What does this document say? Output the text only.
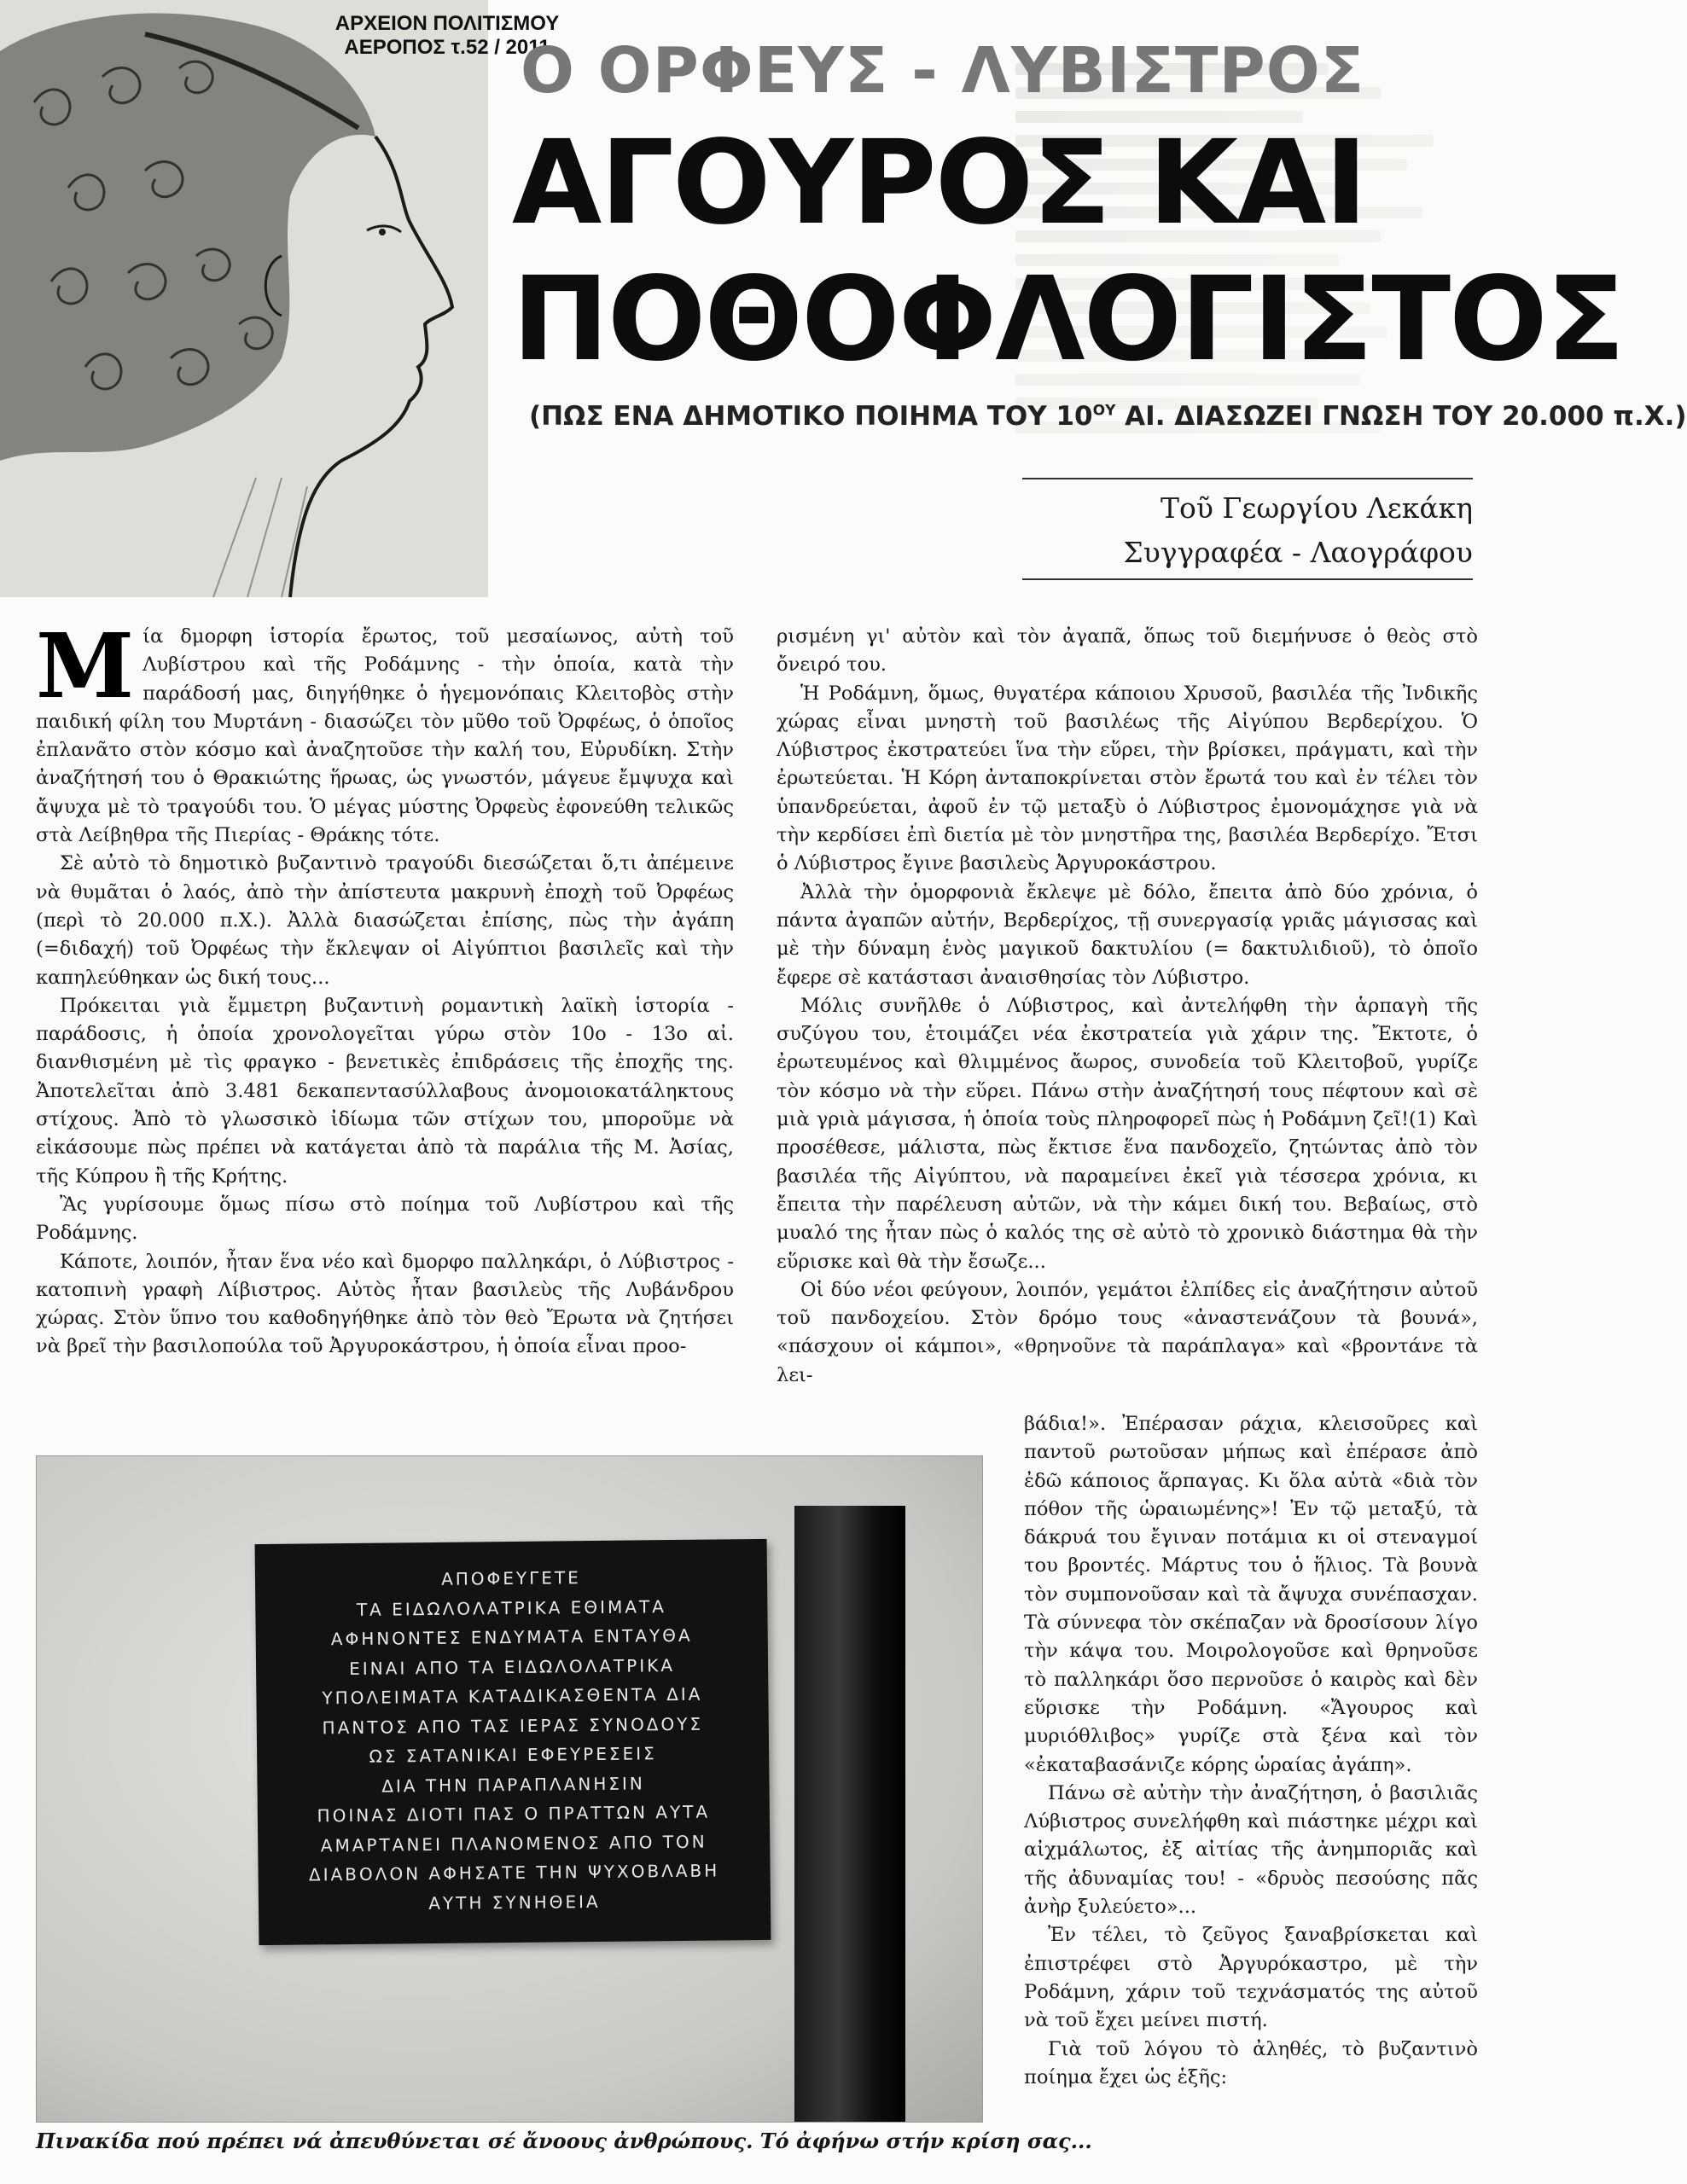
ΑΡΧΕΙΟΝ ΠΟΛΙΤΙΣΜΟΥ
ΑΕΡΟΠΟΣ τ.52 / 2011
Ο ΟΡΦΕΥΣ - ΛΥΒΙΣΤΡΟΣ
ΑΓΟΥΡΟΣ ΚΑΙ
ΠΟΘΟΦΛΟΓΙΣΤΟΣ
(ΠΩΣ ΕΝΑ ΔΗΜΟΤΙΚΟ ΠΟΙΗΜΑ ΤΟΥ $10^{O\Upsilon}$ ΑΙ. ΔΙΑΣΩΖΕΙ ΓΝΩΣΗ ΤΟΥ 20.000 π.Χ.)
Τοῦ Γεωργίου Λεκάκη
Συγγραφέα - Λαογράφου

Μία δμορφη ἱστορία ἔρωτος, τοῦ μεσαίωνος, αὐτὴ τοῦ Λυβίστρου καὶ τῆς Ροδάμνης - τὴν ὁποία, κατὰ τὴν παράδοσή μας, διηγήθηκε ὁ ἡγεμονόπαις Κλειτοβὸς στὴν παιδική φίλη του Μυρτάνη - διασώζει τὸν μῦθο τοῦ Ὀρφέως, ὁ ὁποῖος ἐπλανᾶτο στὸν κόσμο καὶ ἀναζητοῦσε τὴν καλή του, Εὐρυδίκη. Στὴν ἀναζήτησή του ὁ Θρακιώτης ἥρωας, ὡς γνωστόν, μάγευε ἔμψυχα καὶ ἄψυχα μὲ τὸ τραγούδι του. Ὁ μέγας μύστης Ὀρφεὺς ἐφονεύθη τελικῶς στὰ Λείβηθρα τῆς Πιερίας - Θράκης τότε.

Σὲ αὐτὸ τὸ δημοτικὸ βυζαντινὸ τραγούδι διεσώζεται ὅ,τι ἀπέμεινε νὰ θυμᾶται ὁ λαός, ἀπὸ τὴν ἀπίστευτα μακρυνὴ ἐποχὴ τοῦ Ὀρφέως (περὶ τὸ 20.000 π.Χ.). Ἀλλὰ διασώζεται ἐπίσης, πὼς τὴν ἀγάπη (=διδαχή) τοῦ Ὀρφέως τὴν ἔκλεψαν οἱ Αἰγύπτιοι βασιλεῖς καὶ τὴν καπηλεύθηκαν ὡς δική τους...

Πρόκειται γιὰ ἔμμετρη βυζαντινὴ ρομαντικὴ λαϊκὴ ἱστορία - παράδοσις, ἡ ὁποία χρονολογεῖται γύρω στὸν 10ο - 13ο αἰ. διανθισμένη μὲ τὶς φραγκο - βενετικὲς ἐπιδράσεις τῆς ἐποχῆς της. Ἀποτελεῖται ἀπὸ 3.481 δεκαπεντασύλλαβους ἀνομοιοκατάληκτους στίχους. Ἀπὸ τὸ γλωσσικὸ ἰδίωμα τῶν στίχων του, μποροῦμε νὰ εἰκάσουμε πὼς πρέπει νὰ κατάγεται ἀπὸ τὰ παράλια τῆς Μ. Ἀσίας, τῆς Κύπρου ἢ τῆς Κρήτης.

Ἂς γυρίσουμε ὅμως πίσω στὸ ποίημα τοῦ Λυβίστρου καὶ τῆς Ροδάμνης.

Κάποτε, λοιπόν, ἦταν ἕνα νέο καὶ δμορφο παλληκάρι, ὁ Λύβιστρος - κατοπινὴ γραφὴ Λίβιστρος. Αὐτὸς ἦταν βασιλεὺς τῆς Λυβάνδρου χώρας. Στὸν ὕπνο του καθοδηγήθηκε ἀπὸ τὸν θεὸ Ἔρωτα νὰ ζητήσει νὰ βρεῖ τὴν βασιλοπούλα τοῦ Ἀργυροκάστρου, ἡ ὁποία εἶναι προο-

ρισμένη γι' αὐτὸν καὶ τὸν ἀγαπᾶ, ὅπως τοῦ διεμήνυσε ὁ θεὸς στὸ ὄνειρό του.

Ἡ Ροδάμνη, ὅμως, θυγατέρα κάποιου Χρυσοῦ, βασιλέα τῆς Ἰνδικῆς χώρας εἶναι μνηστὴ τοῦ βασιλέως τῆς Αἰγύπου Βερδερίχου. Ὁ Λύβιστρος ἐκστρατεύει ἵνα τὴν εὕρει, τὴν βρίσκει, πράγματι, καὶ τὴν ἐρωτεύεται. Ἡ Κόρη ἀνταποκρίνεται στὸν ἔρωτά του καὶ ἐν τέλει τὸν ὑπανδρεύεται, ἀφοῦ ἐν τῷ μεταξὺ ὁ Λύβιστρος ἐμονομάχησε γιὰ νὰ τὴν κερδίσει ἐπὶ διετία μὲ τὸν μνηστῆρα της, βασιλέα Βερδερίχο. Ἔτσι ὁ Λύβιστρος ἔγινε βασιλεὺς Ἀργυροκάστρου.

Ἀλλὰ τὴν ὁμορφονιὰ ἔκλεψε μὲ δόλο, ἔπειτα ἀπὸ δύο χρόνια, ὁ πάντα ἀγαπῶν αὐτήν, Βερδερίχος, τῇ συνεργασίᾳ γριᾶς μάγισσας καὶ μὲ τὴν δύναμη ἑνὸς μαγικοῦ δακτυλίου (= δακτυλιδιοῦ), τὸ ὁποῖο ἔφερε σὲ κατάστασι ἀναισθησίας τὸν Λύβιστρο.

Μόλις συνῆλθε ὁ Λύβιστρος, καὶ ἀντελήφθη τὴν ἁρπαγὴ τῆς συζύγου του, ἑτοιμάζει νέα ἐκστρατεία γιὰ χάριν της. Ἔκτοτε, ὁ ἐρωτευμένος καὶ θλιμμένος ἄωρος, συνοδεία τοῦ Κλειτοβοῦ, γυρίζε τὸν κόσμο νὰ τὴν εὕρει. Πάνω στὴν ἀναζήτησή τους πέφτουν καὶ σὲ μιὰ γριὰ μάγισσα, ἡ ὁποία τοὺς πληροφορεῖ πὼς ἡ Ροδάμνη ζεῖ!(1) Καὶ προσέθεσε, μάλιστα, πὼς ἔκτισε ἕνα πανδοχεῖο, ζητώντας ἀπὸ τὸν βασιλέα τῆς Αἰγύπτου, νὰ παραμείνει ἐκεῖ γιὰ τέσσερα χρόνια, κι ἔπειτα τὴν παρέλευση αὐτῶν, νὰ τὴν κάμει δική του. Βεβαίως, στὸ μυαλό της ἦταν πὼς ὁ καλός της σὲ αὐτὸ τὸ χρονικὸ διάστημα θὰ τὴν εὕρισκε καὶ θὰ τὴν ἔσωζε...

Οἱ δύο νέοι φεύγουν, λοιπόν, γεμάτοι ἐλπίδες εἰς ἀναζήτησιν αὐτοῦ τοῦ πανδοχείου. Στὸν δρόμο τους «ἀναστενάζουν τὰ βουνά», «πάσχουν οἱ κάμποι», «θρηνοῦνε τὰ παράπλαγα» καὶ «βροντάνε τὰ λει-

βάδια!». Ἐπέρασαν ράχια, κλεισοῦρες καὶ παντοῦ ρωτοῦσαν μήπως καὶ ἐπέρασε ἀπὸ ἐδῶ κάποιος ἅρπαγας. Κι ὅλα αὐτὰ «διὰ τὸν πόθον τῆς ὡραιωμένης»! Ἐν τῷ μεταξύ, τὰ δάκρυά του ἔγιναν ποτάμια κι οἱ στεναγμοί του βροντές. Μάρτυς του ὁ ἥλιος. Τὰ βουνὰ τὸν συμπονοῦσαν καὶ τὰ ἄψυχα συνέπασχαν. Τὰ σύννεφα τὸν σκέπαζαν νὰ δροσίσουν λίγο τὴν κάψα του. Μοιρολογοῦσε καὶ θρηνοῦσε τὸ παλληκάρι ὅσο περνοῦσε ὁ καιρὸς καὶ δὲν εὕρισκε τὴν Ροδάμνη. «Ἄγουρος καὶ μυριόθλιβος» γυρίζε στὰ ξένα καὶ τὸν «ἐκαταβασάνιζε κόρης ὡραίας ἀγάπη».

Πάνω σὲ αὐτὴν τὴν ἀναζήτηση, ὁ βασιλιᾶς Λύβιστρος συνελήφθη καὶ πιάστηκε μέχρι καὶ αἰχμάλωτος, ἐξ αἰτίας τῆς ἀνημποριᾶς καὶ τῆς ἀδυναμίας του! - «δρυὸς πεσούσης πᾶς ἀνὴρ ξυλεύετο»...

Ἐν τέλει, τὸ ζεῦγος ξαναβρίσκεται καὶ ἐπιστρέφει στὸ Ἀργυρόκαστρο, μὲ τὴν Ροδάμνη, χάριν τοῦ τεχνάσματός της αὐτοῦ νὰ τοῦ ἔχει μείνει πιστή.

Γιὰ τοῦ λόγου τὸ ἀληθές, τὸ βυζαντινὸ ποίημα ἔχει ὡς ἑξῆς:

ΑΠΟΦΕΥΓΕΤΕ
ΤΑ ΕΙΔΩΛΟΛΑΤΡΙΚΑ ΕΘΙΜΑΤΑ
ΑΦΗΝΟΝΤΕΣ ΕΝΔΥΜΑΤΑ ΕΝΤΑΥΘΑ
ΕΙΝΑΙ ΑΠΟ ΤΑ ΕΙΔΩΛΟΛΑΤΡΙΚΑ
ΥΠΟΛΕΙΜΑΤΑ ΚΑΤΑΔΙΚΑΣΘΕΝΤΑ ΔΙΑ
ΠΑΝΤΟΣ ΑΠΟ ΤΑΣ ΙΕΡΑΣ ΣΥΝΟΔΟΥΣ
ΩΣ ΣΑΤΑΝΙΚΑΙ ΕΦΕΥΡΕΣΕΙΣ
ΔΙΑ ΤΗΝ ΠΑΡΑΠΛΑΝΗΣΙΝ
ΠΟΙΝΑΣ ΔΙΟΤΙ ΠΑΣ Ο ΠΡΑΤΤΩΝ ΑΥΤΑ
ΑΜΑΡΤΑΝΕΙ ΠΛΑΝΟΜΕΝΟΣ ΑΠΟ ΤΟΝ
ΔΙΑΒΟΛΟΝ ΑΦΗΣΑΤΕ ΤΗΝ ΨΥΧΟΒΛΑΒΗ
ΑΥΤΗ ΣΥΝΗΘΕΙΑ
Πινακίδα πού πρέπει νά ἀπευθύνεται σέ ἄνοους ἀνθρώπους. Τό ἀφήνω στήν κρίση σας...
